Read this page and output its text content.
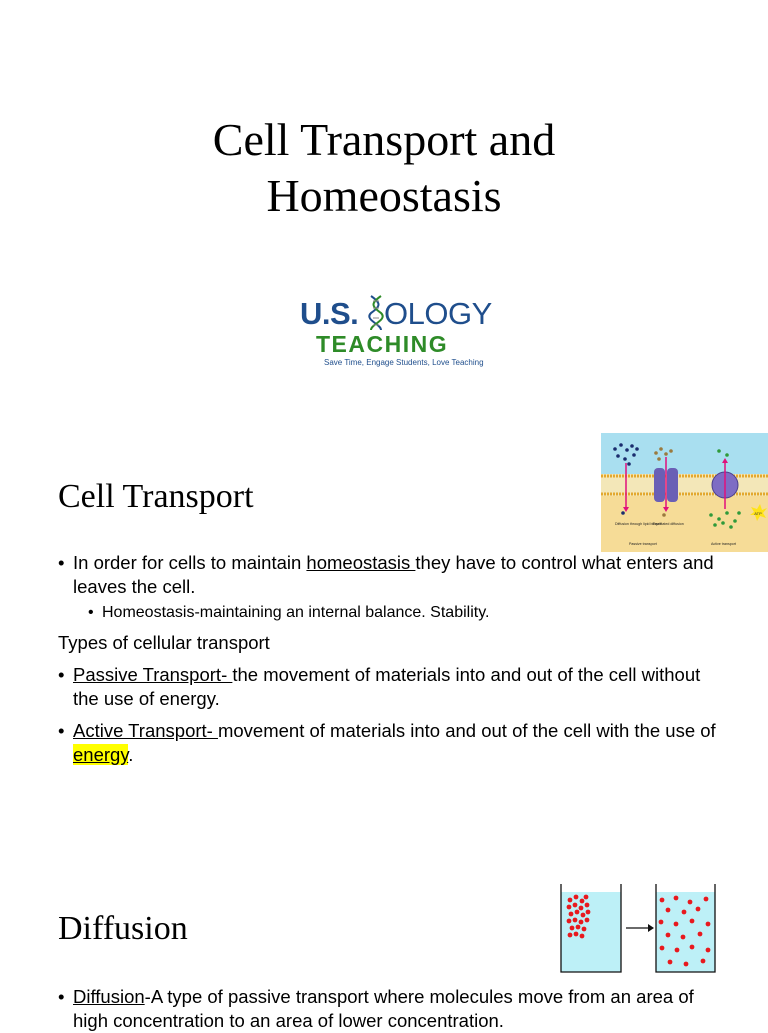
Cell Transport and
Homeostasis
U.S. OLOGY
TEACHING
Save Time, Engage Students, Love Teaching
Cell Transport	ATP
Diffusion through lipid bilayer
Facilitated diffusion
Passive transport	Active transport

• In order for cells to maintain homeostasis they have to control what enters and leaves the cell.

• Homeostasis-maintaining an internal balance. Stability.

Types of cellular transport

• Passive Transport- the movement of materials into and out of the cell without the use of energy.

• Active Transport- movement of materials into and out of the cell with the use of energy.

Diffusion

• Diffusion-A type of passive transport where molecules move from an area of high concentration to an area of lower concentration.
